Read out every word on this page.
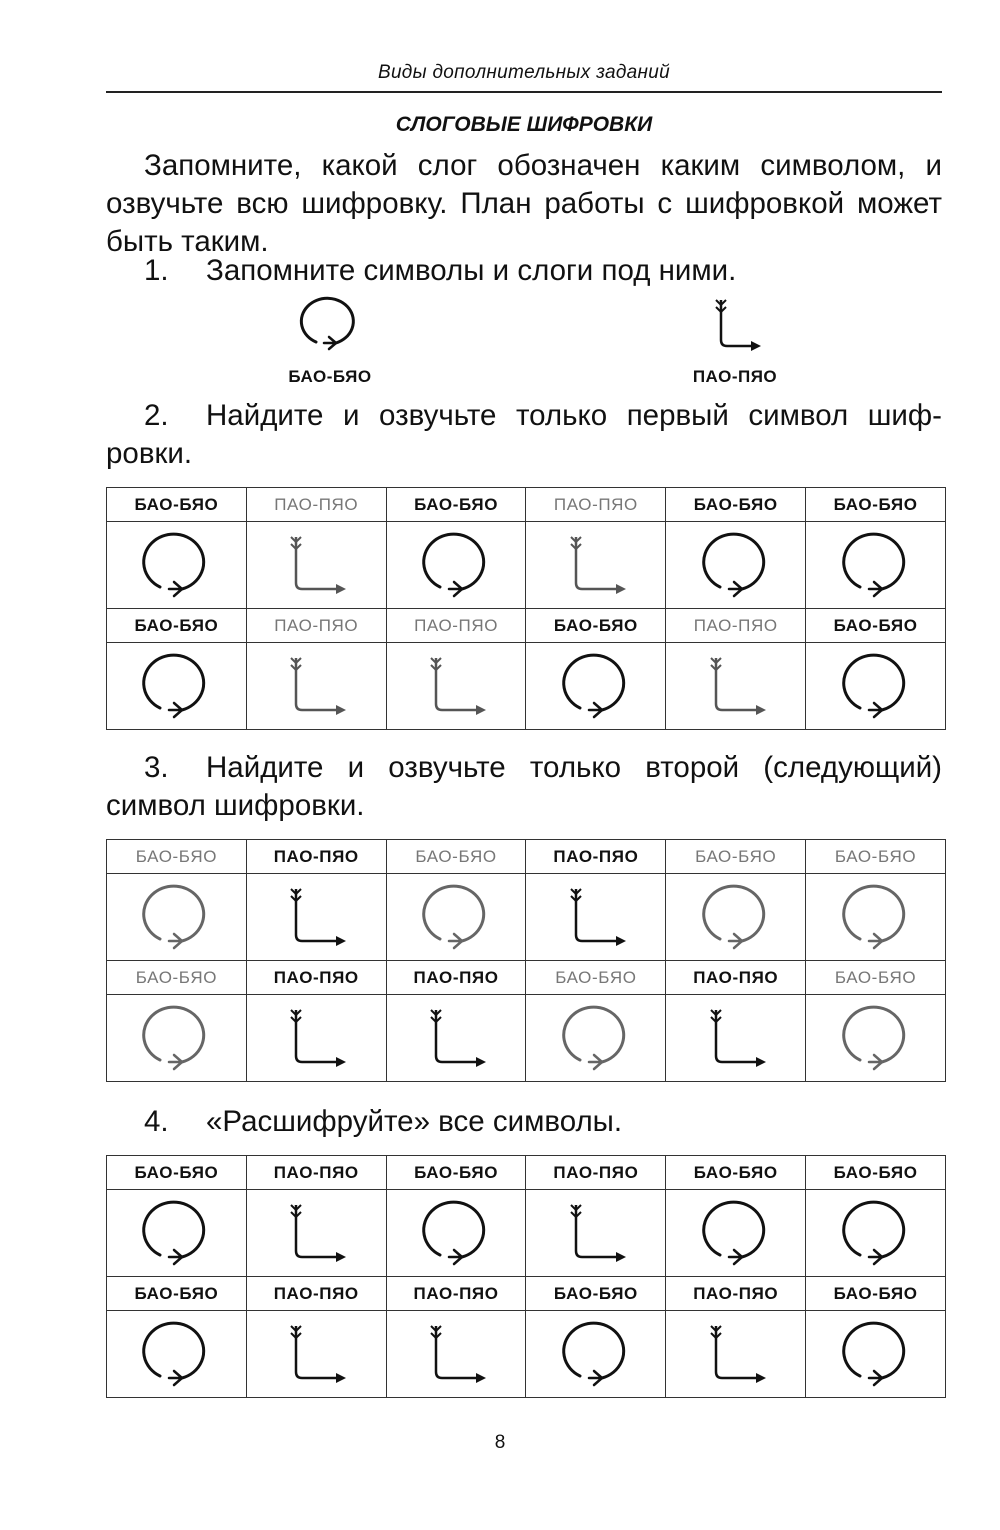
Виды дополнительных заданий
СЛОГОВЫЕ ШИФРОВКИ
Запомните, какой слог обозначен каким символом, и озвучьте всю шифровку. План работы с шифровкой может быть таким.
1. Запомните символы и слоги под ними.
БАО-БЯО	ПАО-ПЯО
2. Найдите и озвучьте только первый символ шифровки.
БАО-БЯО	ПАО-ПЯО	БАО-БЯО	ПАО-ПЯО	БАО-БЯО	БАО-БЯО

БАО-БЯО	ПАО-ПЯО	ПАО-ПЯО	БАО-БЯО	ПАО-ПЯО	БАО-БЯО

3. Найдите и озвучьте только второй (следующий) символ шифровки.
БАО-БЯО	ПАО-ПЯО	БАО-БЯО	ПАО-ПЯО	БАО-БЯО	БАО-БЯО

БАО-БЯО	ПАО-ПЯО	ПАО-ПЯО	БАО-БЯО	ПАО-ПЯО	БАО-БЯО

4. «Расшифруйте» все символы.
БАО-БЯО	ПАО-ПЯО	БАО-БЯО	ПАО-ПЯО	БАО-БЯО	БАО-БЯО

БАО-БЯО	ПАО-ПЯО	ПАО-ПЯО	БАО-БЯО	ПАО-ПЯО	БАО-БЯО

8
